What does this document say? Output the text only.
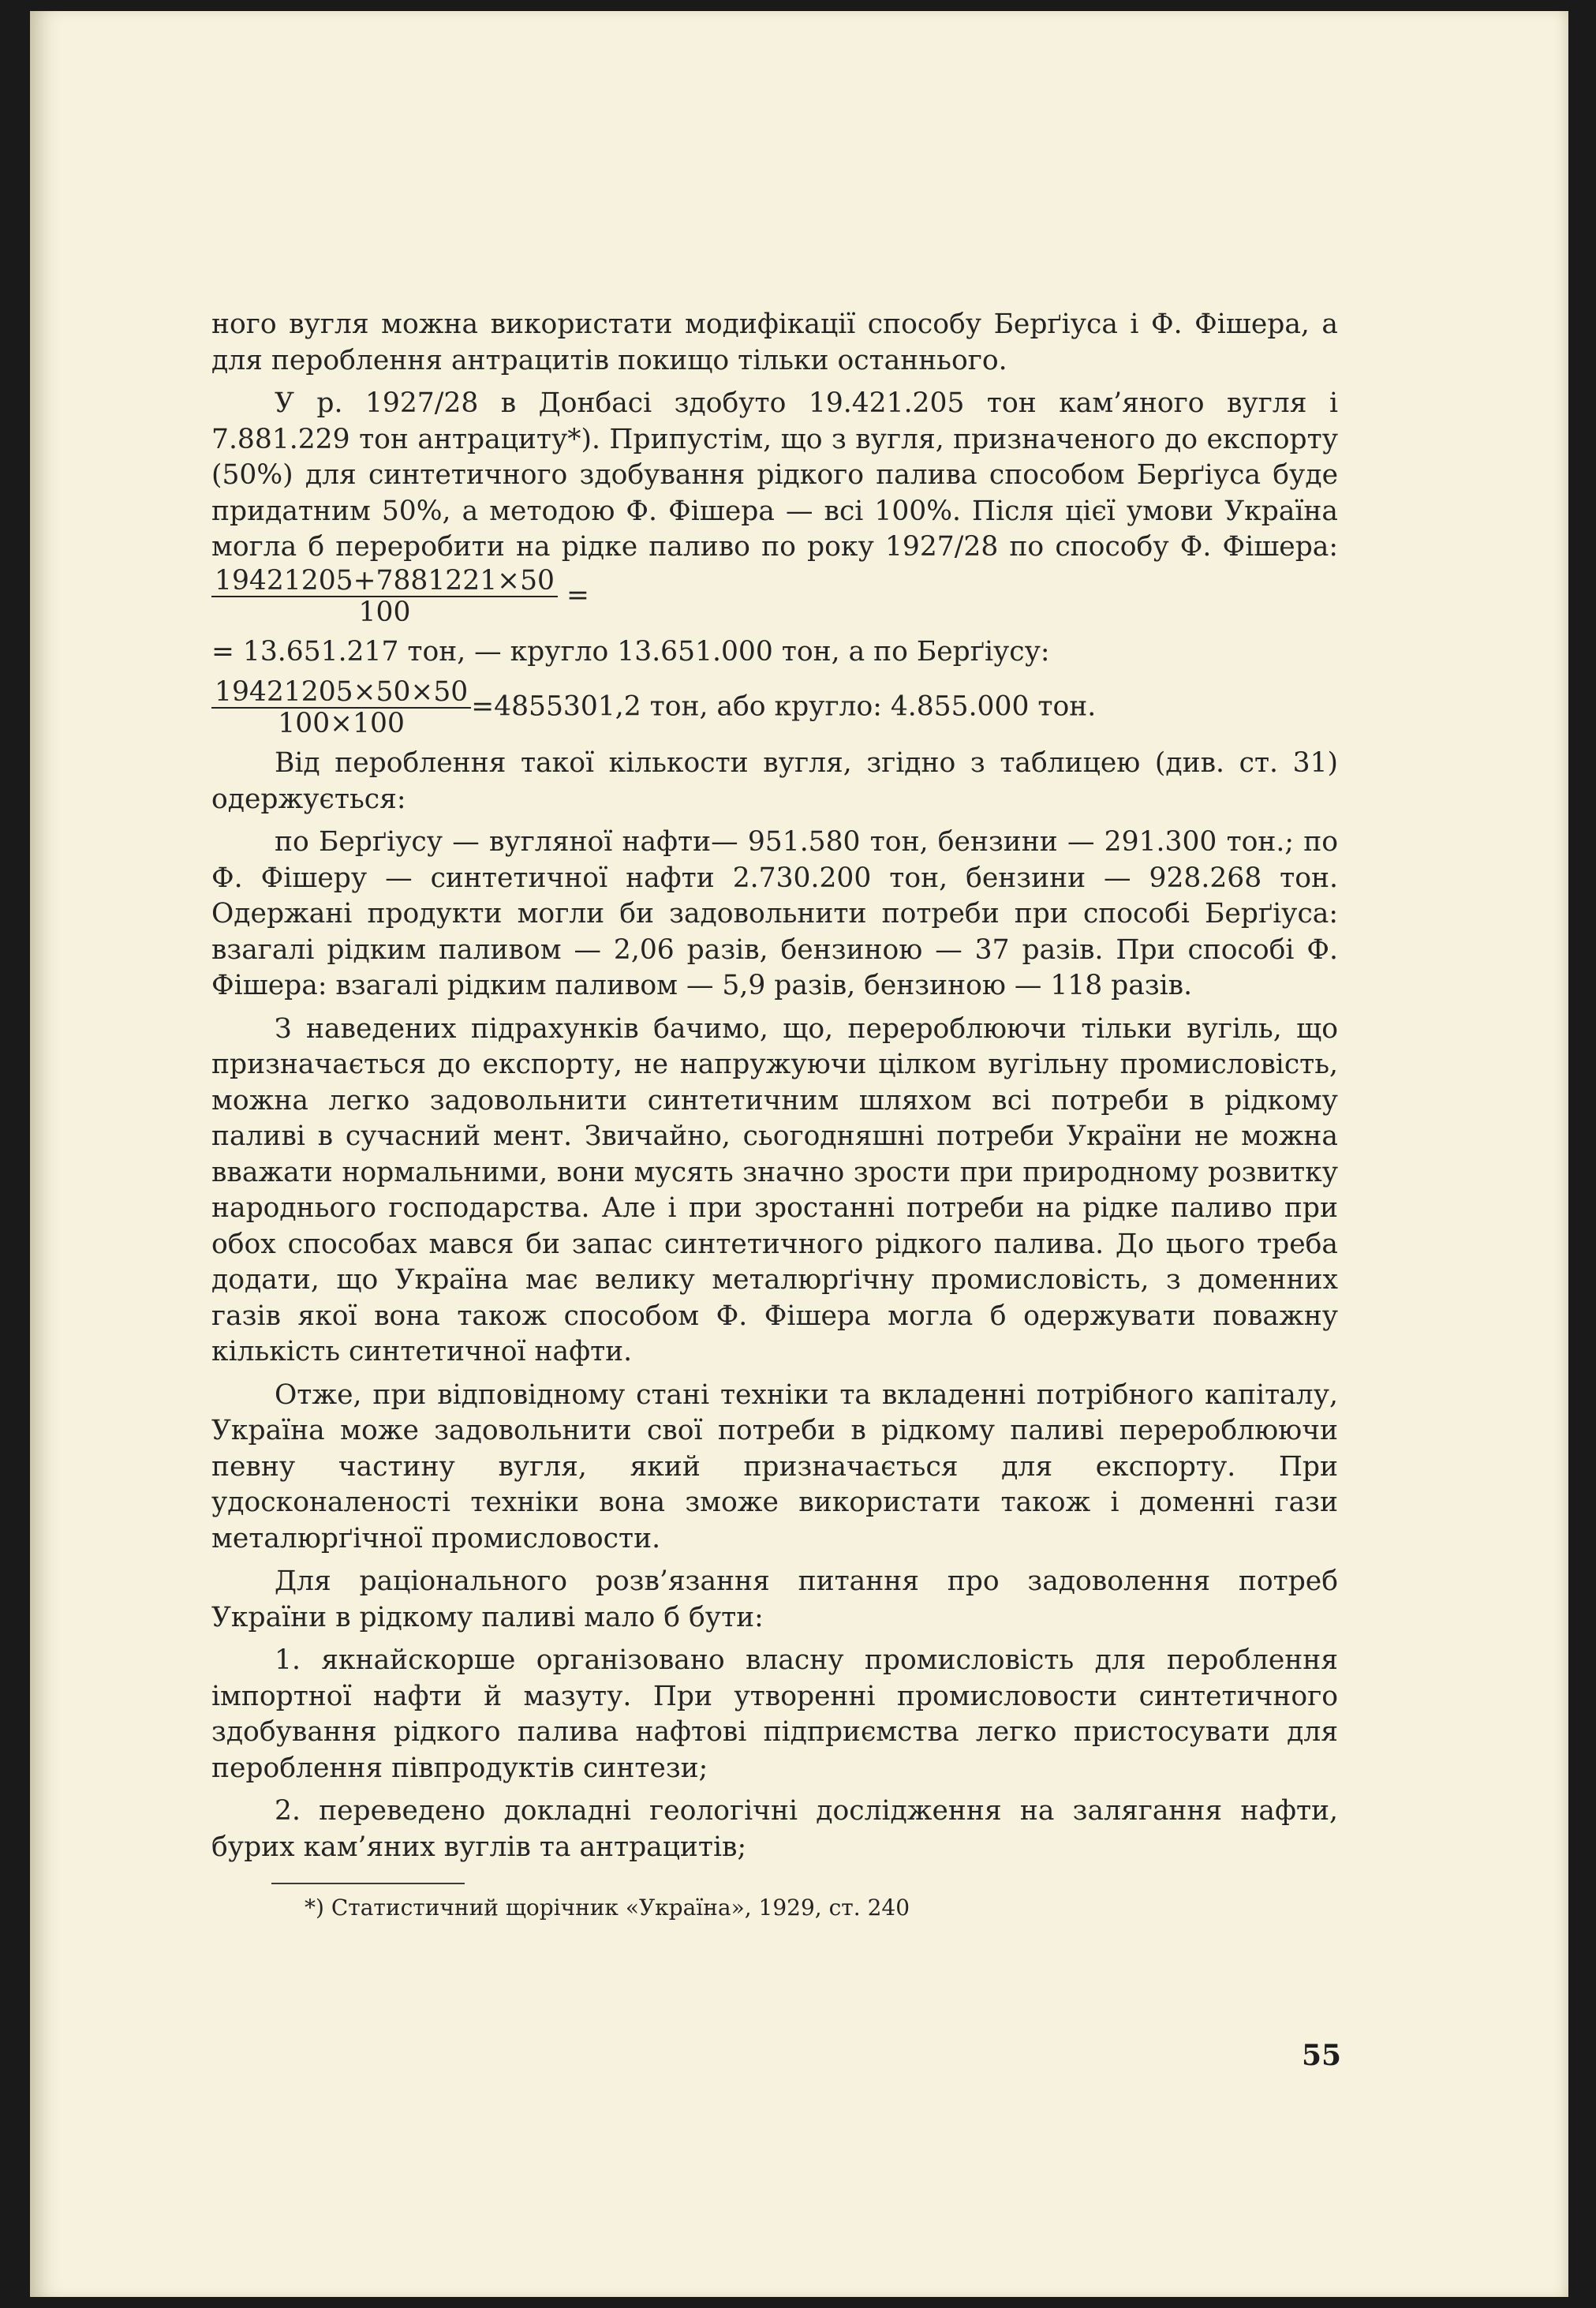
ного вугля можна використати модифікації способу Берґіуса і Ф. Фішера, а для пероблення антрацитів покищо тільки останнього.

У р. 1927/28 в Донбасі здобуто 19.421.205 тон кам’яного вугля і 7.881.229 тон антрациту*). Припустім, що з вугля, призначеного до експорту (50%) для синтетичного здобування рідкого палива способом Берґіуса буде придатним 50%, а методою Ф. Фішера — всі 100%. Після цієї умови Україна могла б переробити на рідке паливо по року 1927/28 по способу Ф. Фішера:
$\frac{19421205+7881221\times 50}{100}$ =

= 13.651.217 тон, — кругло 13.651.000 тон, а по Берґіусу:

$\frac{19421205\times 50\times 50}{100\times 100} =4855301,2$ тон, або кругло: 4.855.000 тон.

Від пероблення такої кількости вугля, згідно з таблицею (див. ст. 31) одержується:

по Берґіусу — вугляної нафти— 951.580 тон, бензини — 291.300 тон.; по Ф. Фішеру — синтетичної нафти 2.730.200 тон, бензини — 928.268 тон. Одержані продукти могли би задовольнити потреби при способі Берґіуса: взагалі рідким паливом — 2,06 разів, бензиною — 37 разів. При способі Ф. Фішера: взагалі рідким паливом — 5,9 разів, бензиною — 118 разів.

З наведених підрахунків бачимо, що, перероблюючи тільки вугіль, що призначається до експорту, не напружуючи цілком вугільну промисловість, можна легко задовольнити синтетичним шляхом всі потреби в рідкому паливі в сучасний мент. Звичайно, сьогодняшні потреби України не можна вважати нормальними, вони мусять значно зрости при природному розвитку народнього господарства. Але і при зростанні потреби на рідке паливо при обох способах мався би запас синтетичного рідкого палива. До цього треба додати, що Україна має велику металюрґічну промисловість, з доменних газів якої вона також способом Ф. Фішера могла б одержувати поважну кількість синтетичної нафти.

Отже, при відповідному стані техніки та вкладенні потрібного капіталу, Україна може задовольнити свої потреби в рідкому паливі перероблюючи певну частину вугля, який призначається для експорту. При удосконаленості техніки вона зможе використати також і доменні гази металюрґічної промисловости.

Для раціонального розв’язання питання про задоволення потреб України в рідкому паливі мало б бути:

1. якнайскорше організовано власну промисловість для пероблення імпортної нафти й мазуту. При утворенні промисловости синтетичного здобування рідкого палива нафтові підприємства легко пристосувати для пероблення півпродуктів синтези;

2. переведено докладні геологічні дослідження на залягання нафти, бурих кам’яних вуглів та антрацитів;

*) Статистичний щорічник «Україна», 1929, ст. 240

55
